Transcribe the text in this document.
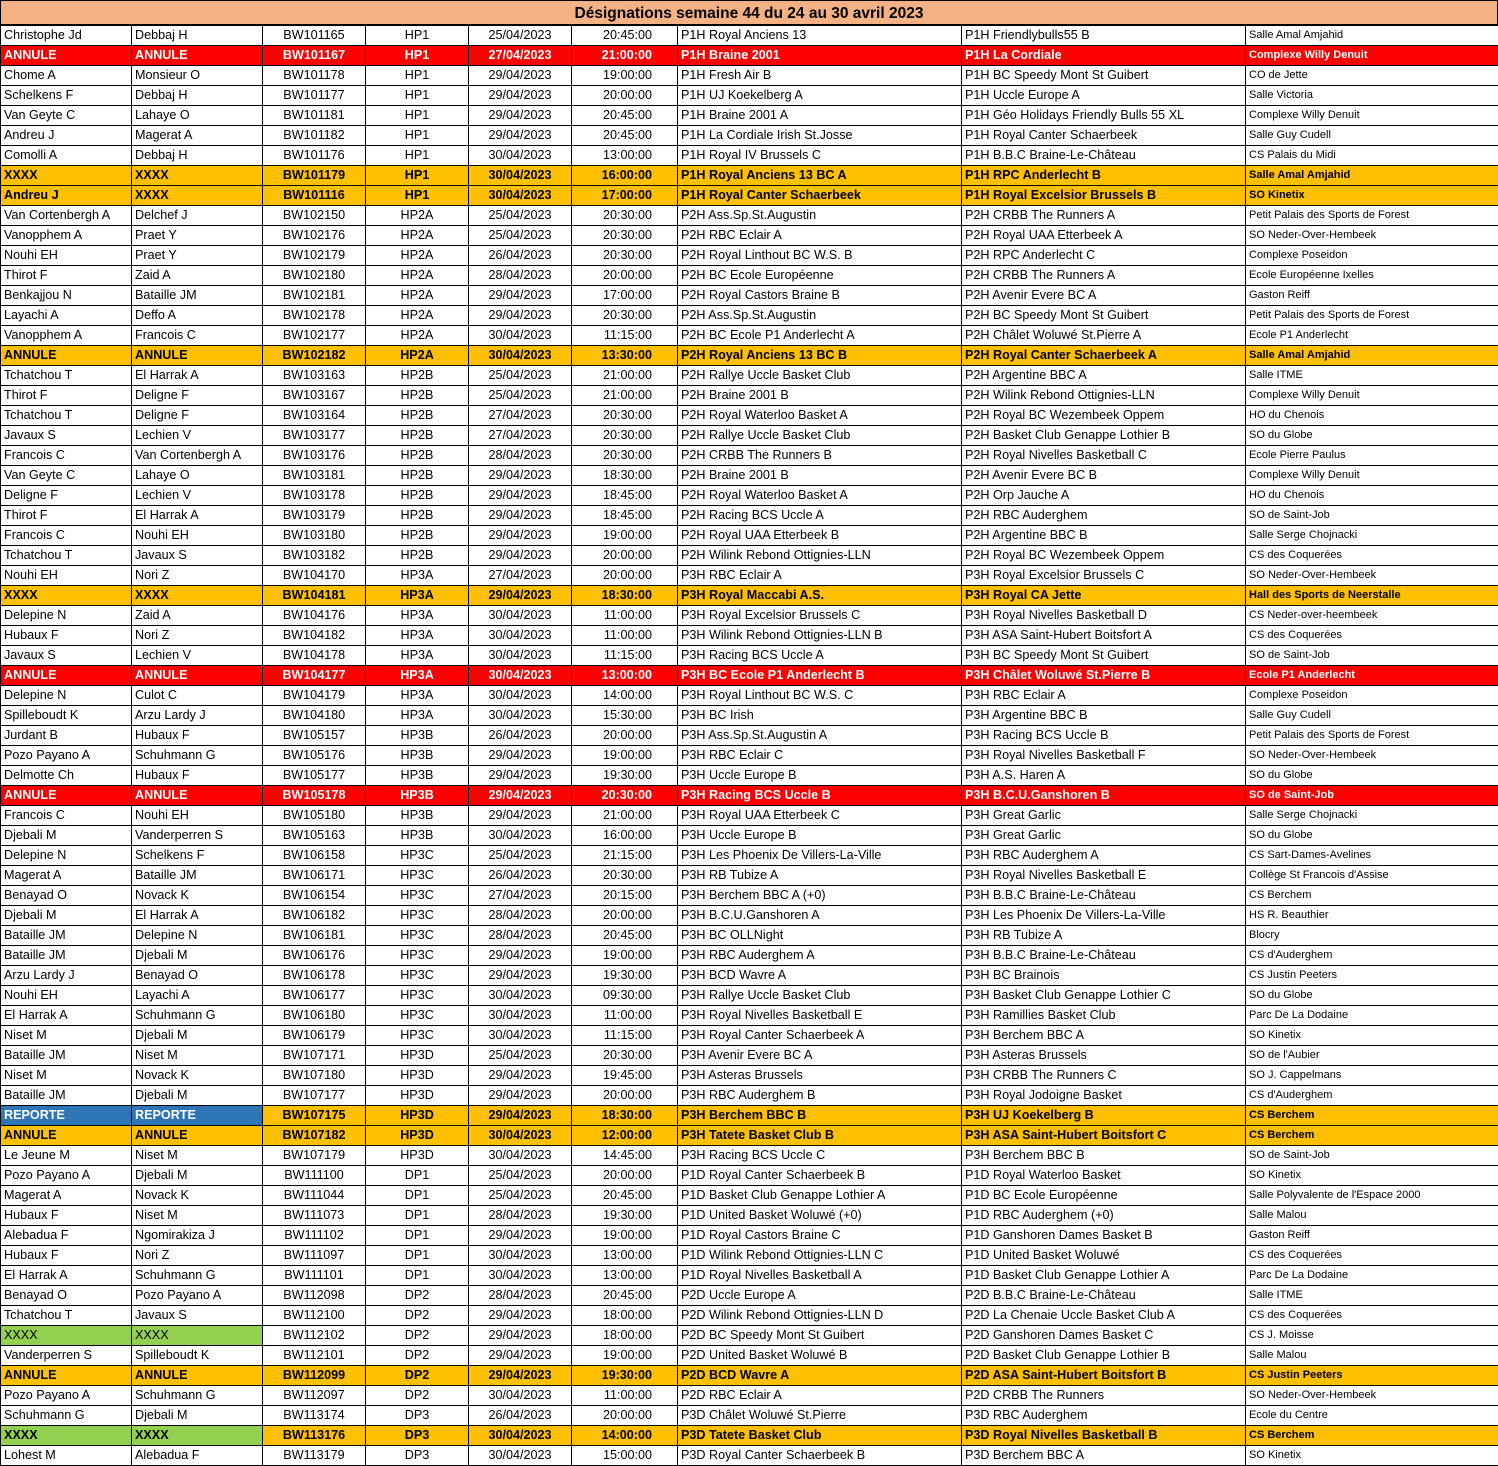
Désignations semaine 44 du 24 au 30 avril 2023
Christophe Jd	Debbaj H	BW101165	HP1	25/04/2023	20:45:00	P1H Royal Anciens 13	P1H Friendlybulls55 B	Salle Amal Amjahid
ANNULE	ANNULE	BW101167	HP1	27/04/2023	21:00:00	P1H Braine 2001	P1H La Cordiale	Complexe Willy Denuit
Chome A	Monsieur O	BW101178	HP1	29/04/2023	19:00:00	P1H Fresh Air B	P1H BC Speedy Mont St Guibert	CO de Jette
Schelkens F	Debbaj H	BW101177	HP1	29/04/2023	20:00:00	P1H UJ Koekelberg A	P1H Uccle Europe A	Salle Victoria
Van Geyte C	Lahaye O	BW101181	HP1	29/04/2023	20:45:00	P1H Braine 2001 A	P1H Géo Holidays Friendly Bulls 55 XL	Complexe Willy Denuit
Andreu J	Magerat A	BW101182	HP1	29/04/2023	20:45:00	P1H La Cordiale Irish St.Josse	P1H Royal Canter Schaerbeek	Salle Guy Cudell
Comolli A	Debbaj H	BW101176	HP1	30/04/2023	13:00:00	P1H Royal IV Brussels C	P1H B.B.C Braine-Le-Château	CS Palais du Midi
XXXX	XXXX	BW101179	HP1	30/04/2023	16:00:00	P1H Royal Anciens 13 BC A	P1H RPC Anderlecht B	Salle Amal Amjahid
Andreu J	XXXX	BW101116	HP1	30/04/2023	17:00:00	P1H Royal Canter Schaerbeek	P1H Royal Excelsior Brussels B	SO Kinetix
Van Cortenbergh A	Delchef J	BW102150	HP2A	25/04/2023	20:30:00	P2H Ass.Sp.St.Augustin	P2H CRBB The Runners A	Petit Palais des Sports de Forest
Vanopphem A	Praet Y	BW102176	HP2A	25/04/2023	20:30:00	P2H RBC Eclair A	P2H Royal UAA Etterbeek A	SO Neder-Over-Hembeek
Nouhi EH	Praet Y	BW102179	HP2A	26/04/2023	20:30:00	P2H Royal Linthout BC W.S. B	P2H RPC Anderlecht C	Complexe Poseidon
Thirot F	Zaid A	BW102180	HP2A	28/04/2023	20:00:00	P2H BC Ecole Européenne	P2H CRBB The Runners A	Ecole Européenne Ixelles
Benkajjou N	Bataille JM	BW102181	HP2A	29/04/2023	17:00:00	P2H Royal Castors Braine B	P2H Avenir Evere BC A	Gaston Reiff
Layachi A	Deffo A	BW102178	HP2A	29/04/2023	20:30:00	P2H Ass.Sp.St.Augustin	P2H BC Speedy Mont St Guibert	Petit Palais des Sports de Forest
Vanopphem A	Francois C	BW102177	HP2A	30/04/2023	11:15:00	P2H BC Ecole P1 Anderlecht A	P2H Châlet Woluwé St.Pierre A	Ecole P1 Anderlecht
ANNULE	ANNULE	BW102182	HP2A	30/04/2023	13:30:00	P2H Royal Anciens 13 BC B	P2H Royal Canter Schaerbeek A	Salle Amal Amjahid
Tchatchou T	El Harrak A	BW103163	HP2B	25/04/2023	21:00:00	P2H Rallye Uccle Basket Club	P2H Argentine BBC A	Salle ITME
Thirot F	Deligne F	BW103167	HP2B	25/04/2023	21:00:00	P2H Braine 2001 B	P2H Wilink Rebond Ottignies-LLN	Complexe Willy Denuit
Tchatchou T	Deligne F	BW103164	HP2B	27/04/2023	20:30:00	P2H Royal Waterloo Basket A	P2H Royal BC Wezembeek Oppem	HO du Chenois
Javaux S	Lechien V	BW103177	HP2B	27/04/2023	20:30:00	P2H Rallye Uccle Basket Club	P2H Basket Club Genappe Lothier B	SO du Globe
Francois C	Van Cortenbergh A	BW103176	HP2B	28/04/2023	20:30:00	P2H CRBB The Runners B	P2H Royal Nivelles Basketball C	Ecole Pierre Paulus
Van Geyte C	Lahaye O	BW103181	HP2B	29/04/2023	18:30:00	P2H Braine 2001 B	P2H Avenir Evere BC B	Complexe Willy Denuit
Deligne F	Lechien V	BW103178	HP2B	29/04/2023	18:45:00	P2H Royal Waterloo Basket A	P2H Orp Jauche A	HO du Chenois
Thirot F	El Harrak A	BW103179	HP2B	29/04/2023	18:45:00	P2H Racing BCS Uccle A	P2H RBC Auderghem	SO de Saint-Job
Francois C	Nouhi EH	BW103180	HP2B	29/04/2023	19:00:00	P2H Royal UAA Etterbeek B	P2H Argentine BBC B	Salle Serge Chojnacki
Tchatchou T	Javaux S	BW103182	HP2B	29/04/2023	20:00:00	P2H Wilink Rebond Ottignies-LLN	P2H Royal BC Wezembeek Oppem	CS des Coquerées
Nouhi EH	Nori Z	BW104170	HP3A	27/04/2023	20:00:00	P3H RBC Eclair A	P3H Royal Excelsior Brussels C	SO Neder-Over-Hembeek
XXXX	XXXX	BW104181	HP3A	29/04/2023	18:30:00	P3H Royal Maccabi A.S.	P3H Royal CA Jette	Hall des Sports de Neerstalle
Delepine N	Zaid A	BW104176	HP3A	30/04/2023	11:00:00	P3H Royal Excelsior Brussels C	P3H Royal Nivelles Basketball D	CS Neder-over-heembeek
Hubaux F	Nori Z	BW104182	HP3A	30/04/2023	11:00:00	P3H Wilink Rebond Ottignies-LLN B	P3H ASA Saint-Hubert Boitsfort A	CS des Coquerées
Javaux S	Lechien V	BW104178	HP3A	30/04/2023	11:15:00	P3H Racing BCS Uccle A	P3H BC Speedy Mont St Guibert	SO de Saint-Job
ANNULE	ANNULE	BW104177	HP3A	30/04/2023	13:00:00	P3H BC Ecole P1 Anderlecht B	P3H Châlet Woluwé St.Pierre B	Ecole P1 Anderlecht
Delepine N	Culot C	BW104179	HP3A	30/04/2023	14:00:00	P3H Royal Linthout BC W.S. C	P3H RBC Eclair A	Complexe Poseidon
Spilleboudt K	Arzu Lardy J	BW104180	HP3A	30/04/2023	15:30:00	P3H BC Irish	P3H Argentine BBC B	Salle Guy Cudell
Jurdant B	Hubaux F	BW105157	HP3B	26/04/2023	20:00:00	P3H Ass.Sp.St.Augustin A	P3H Racing BCS Uccle B	Petit Palais des Sports de Forest
Pozo Payano A	Schuhmann G	BW105176	HP3B	29/04/2023	19:00:00	P3H RBC Eclair C	P3H Royal Nivelles Basketball F	SO Neder-Over-Hembeek
Delmotte Ch	Hubaux F	BW105177	HP3B	29/04/2023	19:30:00	P3H Uccle Europe B	P3H A.S. Haren A	SO du Globe
ANNULE	ANNULE	BW105178	HP3B	29/04/2023	20:30:00	P3H Racing BCS Uccle B	P3H B.C.U.Ganshoren B	SO de Saint-Job
Francois C	Nouhi EH	BW105180	HP3B	29/04/2023	21:00:00	P3H Royal UAA Etterbeek C	P3H Great Garlic	Salle Serge Chojnacki
Djebali M	Vanderperren S	BW105163	HP3B	30/04/2023	16:00:00	P3H Uccle Europe B	P3H Great Garlic	SO du Globe
Delepine N	Schelkens F	BW106158	HP3C	25/04/2023	21:15:00	P3H Les Phoenix De Villers-La-Ville	P3H RBC Auderghem A	CS Sart-Dames-Avelines
Magerat A	Bataille JM	BW106171	HP3C	26/04/2023	20:30:00	P3H RB Tubize A	P3H Royal Nivelles Basketball E	Collège St Francois d'Assise
Benayad O	Novack K	BW106154	HP3C	27/04/2023	20:15:00	P3H Berchem BBC A (+0)	P3H B.B.C Braine-Le-Château	CS Berchem
Djebali M	El Harrak A	BW106182	HP3C	28/04/2023	20:00:00	P3H B.C.U.Ganshoren A	P3H Les Phoenix De Villers-La-Ville	HS R. Beauthier
Bataille JM	Delepine N	BW106181	HP3C	28/04/2023	20:45:00	P3H BC OLLNight	P3H RB Tubize A	Blocry
Bataille JM	Djebali M	BW106176	HP3C	29/04/2023	19:00:00	P3H RBC Auderghem A	P3H B.B.C Braine-Le-Château	CS d'Auderghem
Arzu Lardy J	Benayad O	BW106178	HP3C	29/04/2023	19:30:00	P3H BCD Wavre A	P3H BC Brainois	CS Justin Peeters
Nouhi EH	Layachi A	BW106177	HP3C	30/04/2023	09:30:00	P3H Rallye Uccle Basket Club	P3H Basket Club Genappe Lothier C	SO du Globe
El Harrak A	Schuhmann G	BW106180	HP3C	30/04/2023	11:00:00	P3H Royal Nivelles Basketball E	P3H Ramillies Basket Club	Parc De La Dodaine
Niset M	Djebali M	BW106179	HP3C	30/04/2023	11:15:00	P3H Royal Canter Schaerbeek A	P3H Berchem BBC A	SO Kinetix
Bataille JM	Niset M	BW107171	HP3D	25/04/2023	20:30:00	P3H Avenir Evere BC A	P3H Asteras Brussels	SO de l'Aubier
Niset M	Novack K	BW107180	HP3D	29/04/2023	19:45:00	P3H Asteras Brussels	P3H CRBB The Runners C	SO J. Cappelmans
Bataille JM	Djebali M	BW107177	HP3D	29/04/2023	20:00:00	P3H RBC Auderghem B	P3H Royal Jodoigne Basket	CS d'Auderghem
REPORTE	REPORTE	BW107175	HP3D	29/04/2023	18:30:00	P3H Berchem BBC B	P3H UJ Koekelberg B	CS Berchem
ANNULE	ANNULE	BW107182	HP3D	30/04/2023	12:00:00	P3H Tatete Basket Club B	P3H ASA Saint-Hubert Boitsfort C	CS Berchem
Le Jeune M	Niset M	BW107179	HP3D	30/04/2023	14:45:00	P3H Racing BCS Uccle C	P3H Berchem BBC B	SO de Saint-Job
Pozo Payano A	Djebali M	BW111100	DP1	25/04/2023	20:00:00	P1D Royal Canter Schaerbeek B	P1D Royal Waterloo Basket	SO Kinetix
Magerat A	Novack K	BW111044	DP1	25/04/2023	20:45:00	P1D Basket Club Genappe Lothier A	P1D BC Ecole Européenne	Salle Polyvalente de l'Espace 2000
Hubaux F	Niset M	BW111073	DP1	28/04/2023	19:30:00	P1D United Basket Woluwé (+0)	P1D RBC Auderghem (+0)	Salle Malou
Alebadua F	Ngomirakiza J	BW111102	DP1	29/04/2023	19:00:00	P1D Royal Castors Braine C	P1D Ganshoren Dames Basket B	Gaston Reiff
Hubaux F	Nori Z	BW111097	DP1	30/04/2023	13:00:00	P1D Wilink Rebond Ottignies-LLN C	P1D United Basket Woluwé	CS des Coquerées
El Harrak A	Schuhmann G	BW111101	DP1	30/04/2023	13:00:00	P1D Royal Nivelles Basketball A	P1D Basket Club Genappe Lothier A	Parc De La Dodaine
Benayad O	Pozo Payano A	BW112098	DP2	28/04/2023	20:45:00	P2D Uccle Europe A	P2D B.B.C Braine-Le-Château	Salle ITME
Tchatchou T	Javaux S	BW112100	DP2	29/04/2023	18:00:00	P2D Wilink Rebond Ottignies-LLN D	P2D La Chenaie Uccle Basket Club A	CS des Coquerées
XXXX	XXXX	BW112102	DP2	29/04/2023	18:00:00	P2D BC Speedy Mont St Guibert	P2D Ganshoren Dames Basket C	CS J. Moisse
Vanderperren S	Spilleboudt K	BW112101	DP2	29/04/2023	19:00:00	P2D United Basket Woluwé B	P2D Basket Club Genappe Lothier B	Salle Malou
ANNULE	ANNULE	BW112099	DP2	29/04/2023	19:30:00	P2D BCD Wavre A	P2D ASA Saint-Hubert Boitsfort B	CS Justin Peeters
Pozo Payano A	Schuhmann G	BW112097	DP2	30/04/2023	11:00:00	P2D RBC Eclair A	P2D CRBB The Runners	SO Neder-Over-Hembeek
Schuhmann G	Djebali M	BW113174	DP3	26/04/2023	20:00:00	P3D Châlet Woluwé St.Pierre	P3D RBC Auderghem	Ecole du Centre
XXXX	XXXX	BW113176	DP3	30/04/2023	14:00:00	P3D Tatete Basket Club	P3D Royal Nivelles Basketball B	CS Berchem
Lohest M	Alebadua F	BW113179	DP3	30/04/2023	15:00:00	P3D Royal Canter Schaerbeek B	P3D Berchem BBC A	SO Kinetix
